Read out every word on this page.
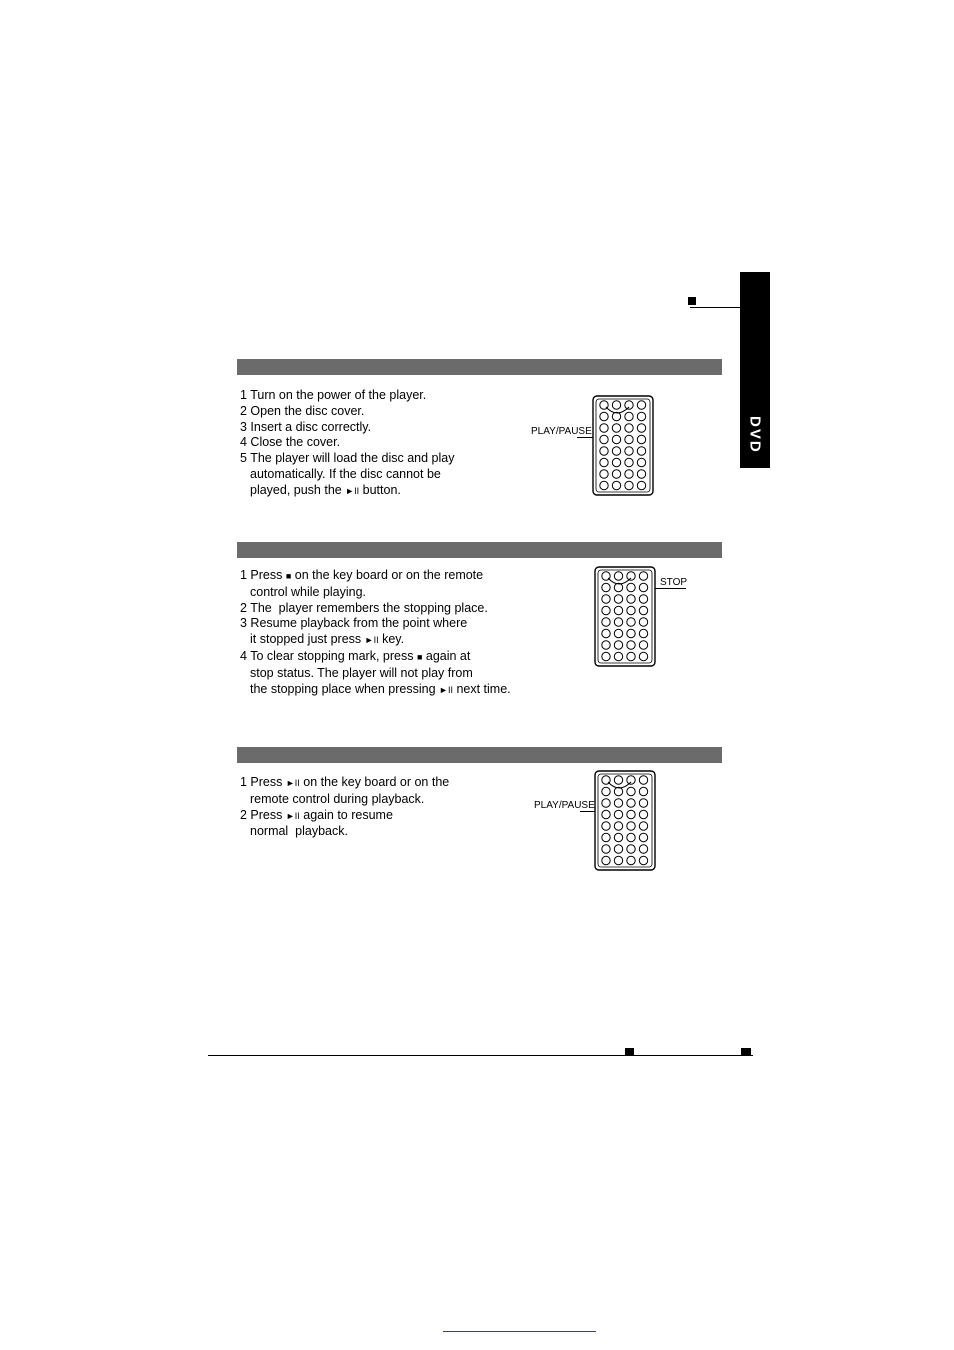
DVD
1 Turn on the power of the player.
2 Open the disc cover.
3 Insert a disc correctly.
4 Close the cover.
5 The player will load the disc and play
automatically. If the disc cannot be
played, push the ►II button.
PLAY/PAUSE
1 Press ■ on the key board or on the remote
control while playing.
2 The  player remembers the stopping place.
3 Resume playback from the point where
it stopped just press ►II key.
4 To clear stopping mark, press ■ again at
stop status. The player will not play from
the stopping place when pressing ►II next time.
STOP
1 Press ►II on the key board or on the
remote control during playback.
2 Press ►II again to resume
normal  playback.
PLAY/PAUSE
